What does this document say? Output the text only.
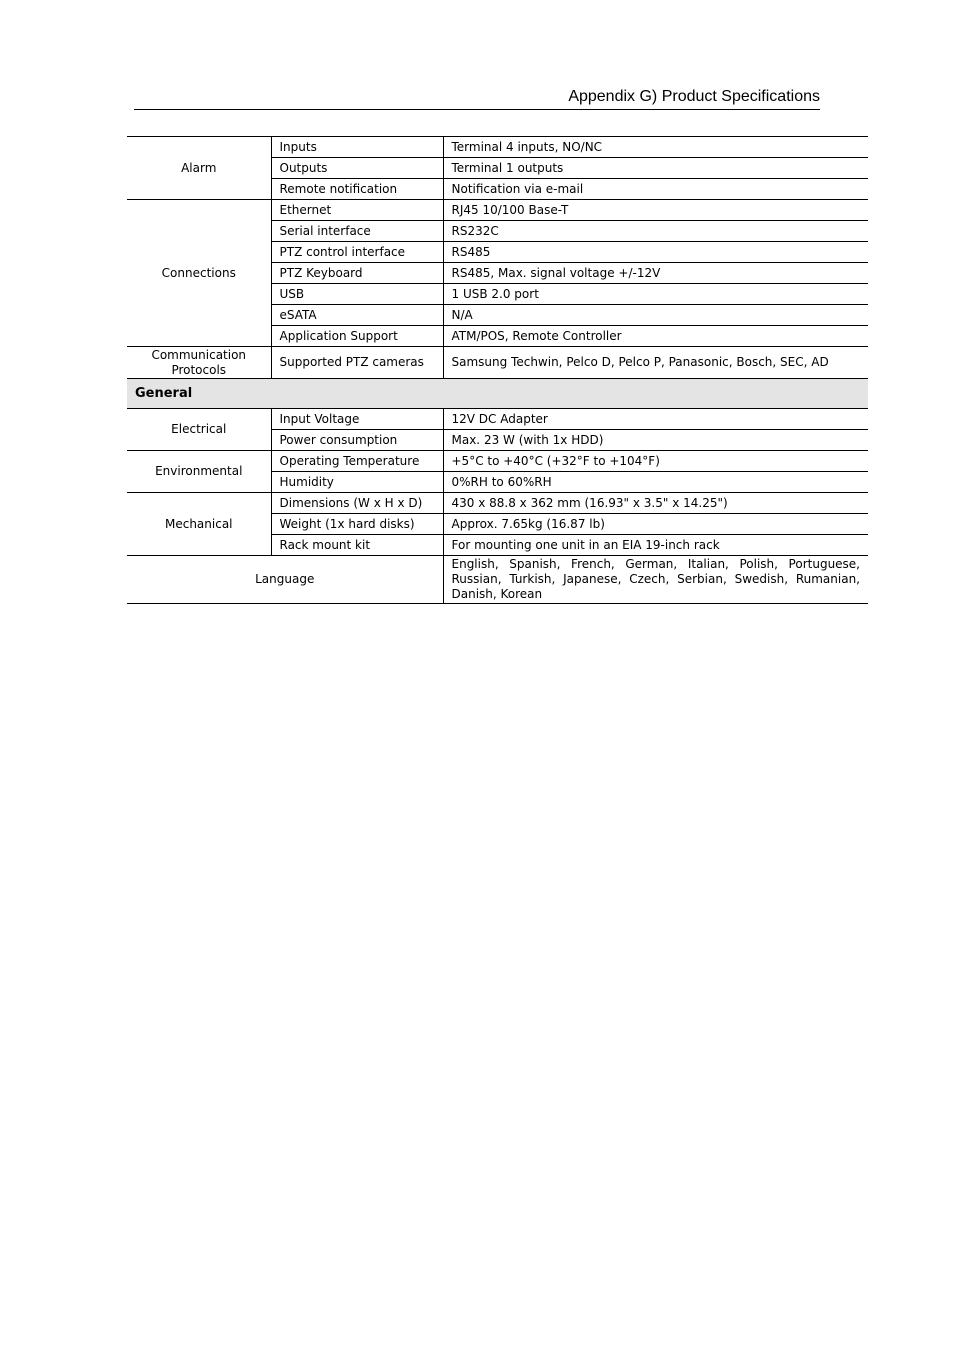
Appendix G) Product Specifications
Alarm	Inputs	Terminal 4 inputs, NO/NC
	Outputs	Terminal 1 outputs
	Remote notification	Notification via e-mail
Connections	Ethernet	RJ45 10/100 Base-T
	Serial interface	RS232C
	PTZ control interface	RS485
	PTZ Keyboard	RS485, Max. signal voltage +/-12V
	USB	1 USB 2.0 port
	eSATA	N/A
	Application Support	ATM/POS, Remote Controller

Communication
Protocols	Supported PTZ cameras	Samsung Techwin, Pelco D, Pelco P, Panasonic, Bosch, SEC, AD
General		
Electrical	Input Voltage	12V DC Adapter
	Power consumption	Max. 23 W (with 1x HDD)
Environmental	Operating Temperature	+5°C to +40°C (+32°F to +104°F)
	Humidity	0%RH to 60%RH
Mechanical	Dimensions (W x H x D)	430 x 88.8 x 362 mm (16.93" x 3.5" x 14.25")
	Weight (1x hard disks)	Approx. 7.65kg (16.87 lb)
	Rack mount kit	For mounting one unit in an EIA 19-inch rack
Language		English, Spanish, French, German, Italian, Polish, Portuguese, Russian, Turkish, Japanese, Czech, Serbian, Swedish, Rumanian, Danish, Korean
